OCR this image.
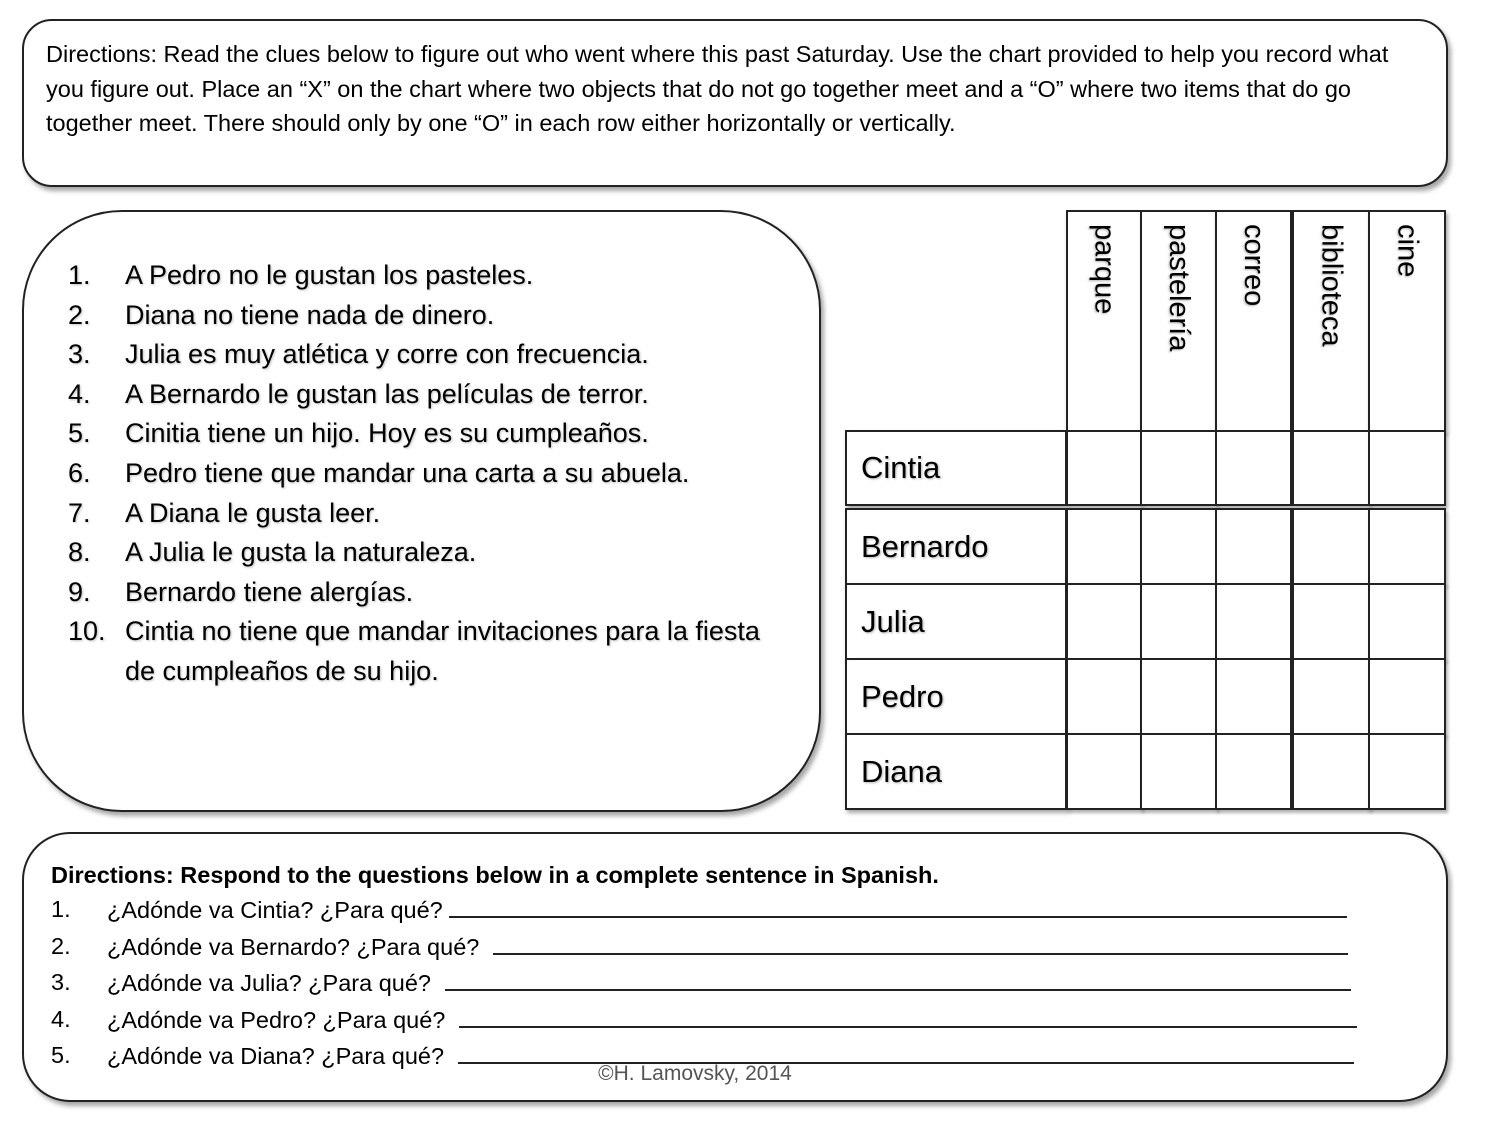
Directions: Read the clues below to figure out who went where this past Saturday. Use the chart provided to help you record what you figure out. Place an “X” on the chart where two objects that do not go together meet and a “O” where two items that do go together meet. There should only by one “O” in each row either horizontally or vertically.
1. A Pedro no le gustan los pasteles.
2. Diana no tiene nada de dinero.
3. Julia es muy atlética y corre con frecuencia.
4. A Bernardo le gustan las películas de terror.
5. Cinitia tiene un hijo. Hoy es su cumpleaños.
6. Pedro tiene que mandar una carta a su abuela.
7. A Diana le gusta leer.
8. A Julia le gusta la naturaleza.
9. Bernardo tiene alergías.
10. Cintia no tiene que mandar invitaciones para la fiesta de cumpleaños de su hijo.
parque pastelería correo biblioteca cine
Cintia
Bernardo
Julia
Pedro
Diana
Directions: Respond to the questions below in a complete sentence in Spanish.
1. ¿Adónde va Cintia? ¿Para qué?
2. ¿Adónde va Bernardo? ¿Para qué?
3. ¿Adónde va Julia? ¿Para qué?
4. ¿Adónde va Pedro? ¿Para qué?
5. ¿Adónde va Diana? ¿Para qué?
©H. Lamovsky, 2014
